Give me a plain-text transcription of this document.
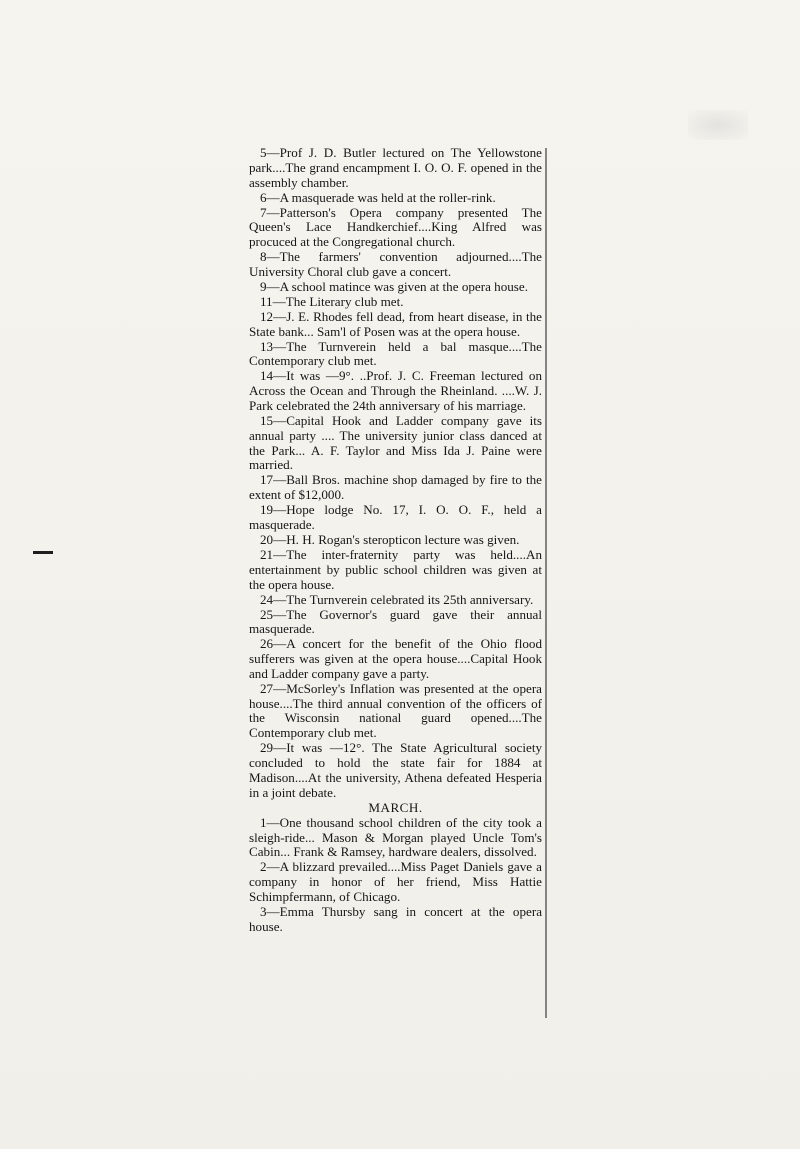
5—Prof J. D. Butler lectured on The Yellowstone park....The grand encampment I. O. O. F. opened in the assembly chamber.

6—A masquerade was held at the roller-rink.

7—Patterson's Opera company presented The Queen's Lace Handkerchief....King Alfred was procuced at the Congregational church.

8—The farmers' convention adjourned....The University Choral club gave a concert.

9—A school matince was given at the opera house.

11—The Literary club met.

12—J. E. Rhodes fell dead, from heart disease, in the State bank... Sam'l of Posen was at the opera house.

13—The Turnverein held a bal masque....The Contemporary club met.

14—It was —9°. ..Prof. J. C. Freeman lectured on Across the Ocean and Through the Rheinland. ....W. J. Park celebrated the 24th anniversary of his marriage.

15—Capital Hook and Ladder company gave its annual party .... The university junior class danced at the Park... A. F. Taylor and Miss Ida J. Paine were married.

17—Ball Bros. machine shop damaged by fire to the extent of $12,000.

19—Hope lodge No. 17, I. O. O. F., held a masquerade.

20—H. H. Rogan's steropticon lecture was given.

21—The inter-fraternity party was held....An entertainment by public school children was given at the opera house.

24—The Turnverein celebrated its 25th anniversary.

25—The Governor's guard gave their annual masquerade.

26—A concert for the benefit of the Ohio flood sufferers was given at the opera house....Capital Hook and Ladder company gave a party.

27—McSorley's Inflation was presented at the opera house....The third annual convention of the officers of the Wisconsin national guard opened....The Contemporary club met.

29—It was —12°. The State Agricultural society concluded to hold the state fair for 1884 at Madison....At the university, Athena defeated Hesperia in a joint debate.

MARCH.

1—One thousand school children of the city took a sleigh-ride... Mason & Morgan played Uncle Tom's Cabin... Frank & Ramsey, hardware dealers, dissolved.

2—A blizzard prevailed....Miss Paget Daniels gave a company in honor of her friend, Miss Hattie Schimpfermann, of Chicago.

3—Emma Thursby sang in concert at the opera house.
